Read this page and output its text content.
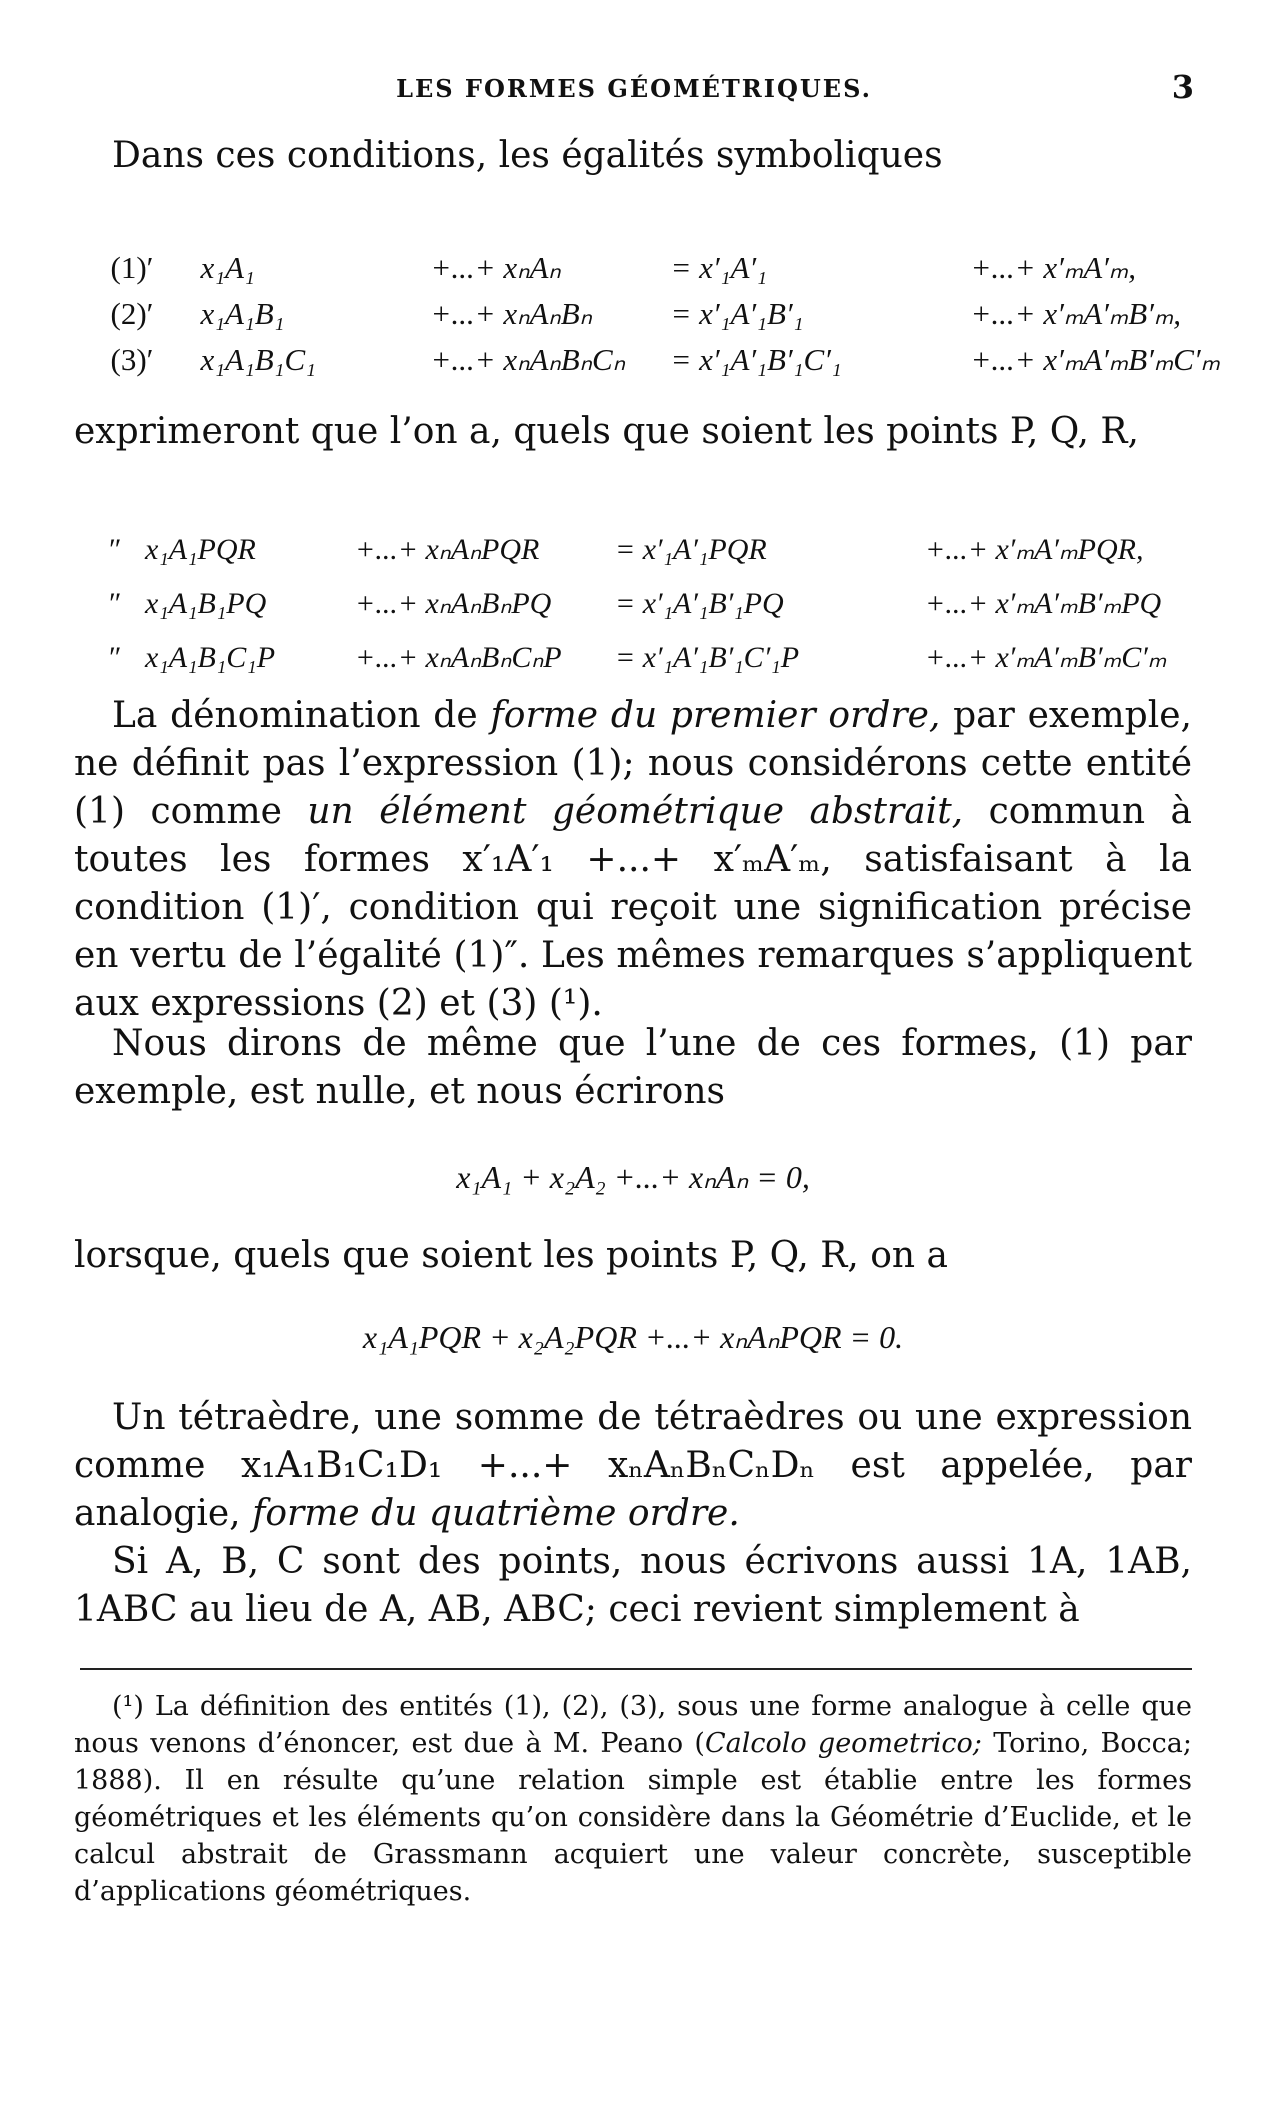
LES FORMES GÉOMÉTRIQUES.	3
Dans ces conditions, les égalités symboliques

(1)′ x₁A₁	+...+ xₙAₙ	= x′₁A′₁	+...+ x′ₘA′ₘ,

(2)′ x₁A₁B₁	+...+ xₙAₙBₙ	= x′₁A′₁B′₁	+...+ x′ₘA′ₘB′ₘ,

(3)′ x₁A₁B₁C₁	+...+ xₙAₙBₙCₙ = x′₁A′₁B′₁C′₁	+...+ x′ₘA′ₘB′ₘC′ₘ

exprimeront que l’on a, quels que soient les points P, Q, R,

″ x₁A₁PQR	+...+ xₙAₙPQR	= x′₁A′₁PQR	+...+ x′ₘA′ₘPQR,

″ x₁A₁B₁PQ	+...+ xₙAₙBₙPQ = x′₁A′₁B′₁PQ	+...+ x′ₘA′ₘB′ₘPQ

″ x₁A₁B₁C₁P	+...+ xₙAₙBₙCₙP = x′₁A′₁B′₁C′₁P	+...+ x′ₘA′ₘB′ₘC′ₘ

La dénomination de forme du premier ordre, par exemple, ne définit pas l’expression (1); nous considérons cette entité (1) comme un élément géométrique abstrait, commun à toutes les formes x′₁A′₁ +...+ x′ₘA′ₘ, satisfaisant à la condition (1)′, condition qui reçoit une signification précise en vertu de l’égalité (1)″. Les mêmes remarques s’appliquent aux expressions (2) et (3) (¹).
Nous dirons de même que l’une de ces formes, (1) par exemple, est nulle, et nous écrirons
x₁A₁ + x₂A₂ +...+ xₙAₙ = 0,
lorsque, quels que soient les points P, Q, R, on a
x₁A₁PQR + x₂A₂PQR +...+ xₙAₙPQR = 0.
Un tétraèdre, une somme de tétraèdres ou une expression comme x₁A₁B₁C₁D₁ +...+ xₙAₙBₙCₙDₙ est appelée, par analogie, forme du quatrième ordre.
Si A, B, C sont des points, nous écrivons aussi 1A, 1AB, 1ABC au lieu de A, AB, ABC; ceci revient simplement à
(¹) La définition des entités (1), (2), (3), sous une forme analogue à celle que nous venons d’énoncer, est due à M. Peano (Calcolo geometrico; Torino, Bocca; 1888). Il en résulte qu’une relation simple est établie entre les formes géométriques et les éléments qu’on considère dans la Géométrie d’Euclide, et le calcul abstrait de Grassmann acquiert une valeur concrète, susceptible d’applications géométriques.
